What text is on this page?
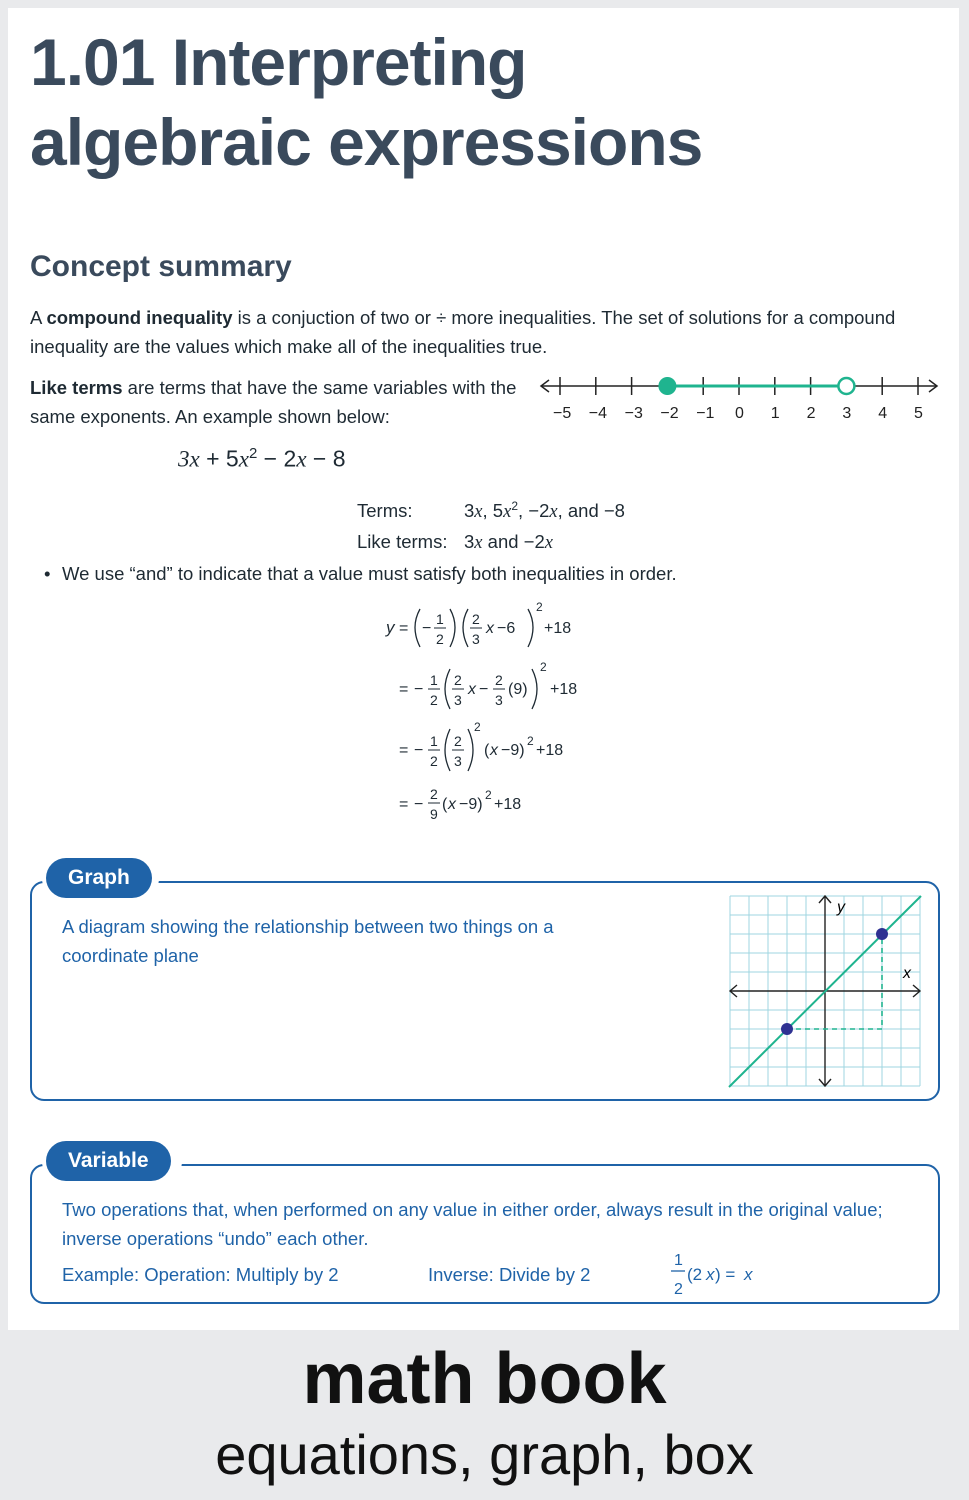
1.01 Interpreting
algebraic expressions
Concept summary
A compound inequality is a conjuction of two or ÷ more inequalities. The set of solutions for a compound inequality are the values which make all of the inequalities true.
Like terms are terms that have the same variables with the same exponents. An example shown below:	−5 −4 −3 −2 −1 0 1 2 3 4 5
$3x + 5x^2 - 2x - 8$
Terms:	3x, $5x^2$, −2x, and −8
Like terms: 3x and −2x
• We use “and” to indicate that a value must satisfy both inequalities in order.
y = −
1
2
2
3
x −6
2
+18
= −
1
2
2
3
x −
2
3
(9)
2
+18
= −
1
2
2
3
2
( x −9)
2
+18
= −
2
9
( x −9)
2
+18
Graph
A diagram showing the relationship between two things on a coordinate plane
x
y
Variable
Two operations that, when performed on any value in either order, always result in the original value; inverse operations “undo” each other.
Example: Operation: Multiply by 2	Inverse: Divide by 2
1
2
(2 x ) = x
math book
equations, graph, box
